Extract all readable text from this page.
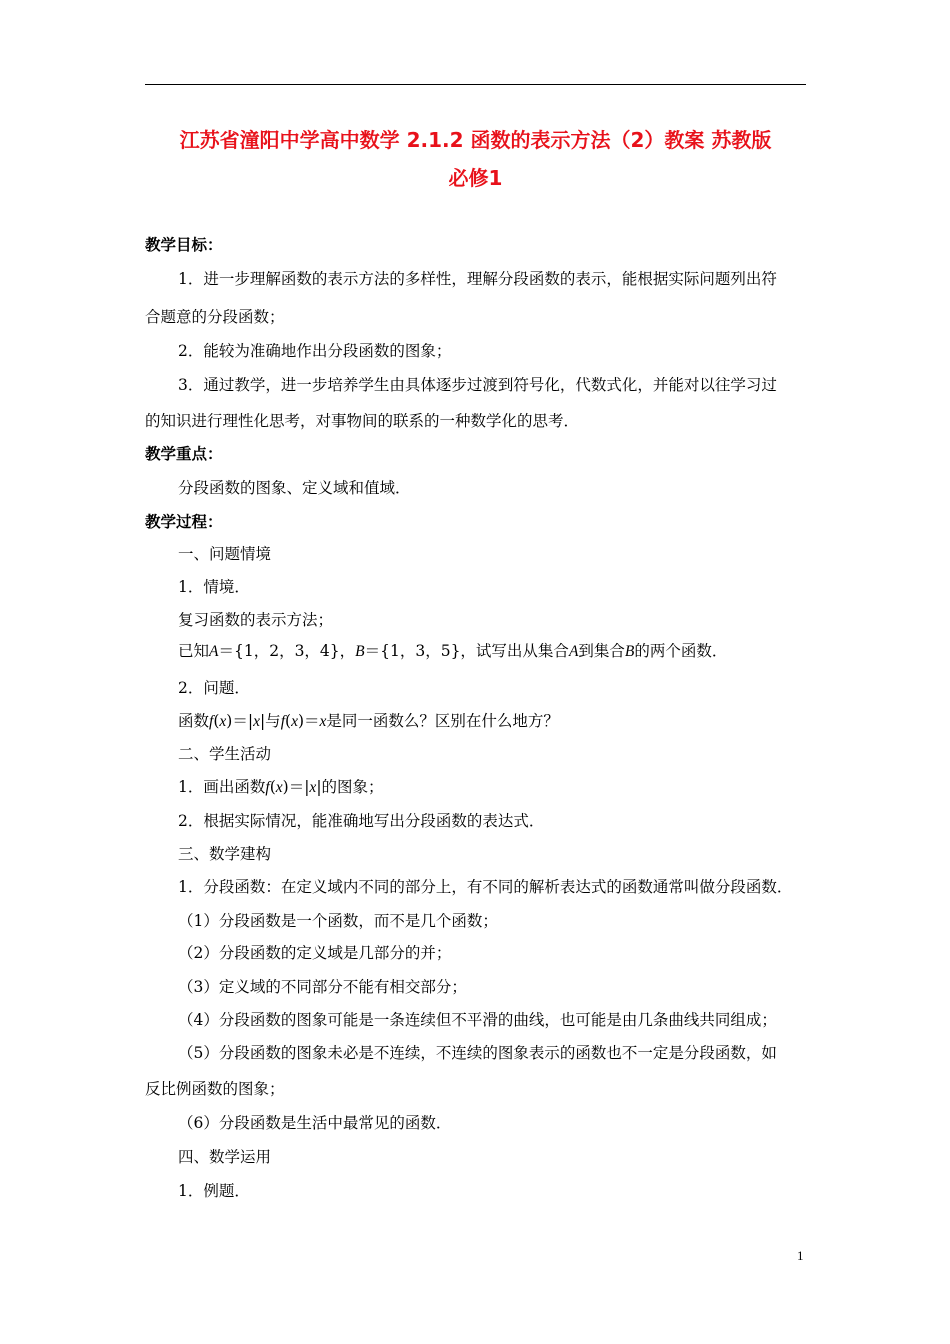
江苏省潼阳中学高中数学 2.1.2 函数的表示方法（2）教案 苏教版
必修1
教学目标：
1．进一步理解函数的表示方法的多样性，理解分段函数的表示，能根据实际问题列出符
合题意的分段函数；
2．能较为准确地作出分段函数的图象；
3．通过教学，进一步培养学生由具体逐步过渡到符号化，代数式化，并能对以往学习过
的知识进行理性化思考，对事物间的联系的一种数学化的思考．
教学重点：
分段函数的图象、定义域和值域．
教学过程：
一、问题情境
1．情境．
复习函数的表示方法；
已知A＝{1，2，3，4}，B＝{1，3，5}，试写出从集合A到集合B的两个函数．
2．问题．
函数f(x)＝|x|与f(x)＝x是同一函数么？区别在什么地方？
二、学生活动
1．画出函数f(x)＝|x|的图象；
2．根据实际情况，能准确地写出分段函数的表达式．
三、数学建构
1．分段函数：在定义域内不同的部分上，有不同的解析表达式的函数通常叫做分段函数．
（1）分段函数是一个函数，而不是几个函数；
（2）分段函数的定义域是几部分的并；
（3）定义域的不同部分不能有相交部分；
（4）分段函数的图象可能是一条连续但不平滑的曲线，也可能是由几条曲线共同组成；
（5）分段函数的图象未必是不连续，不连续的图象表示的函数也不一定是分段函数，如
反比例函数的图象；
（6）分段函数是生活中最常见的函数．
四、数学运用
1．例题．
1
